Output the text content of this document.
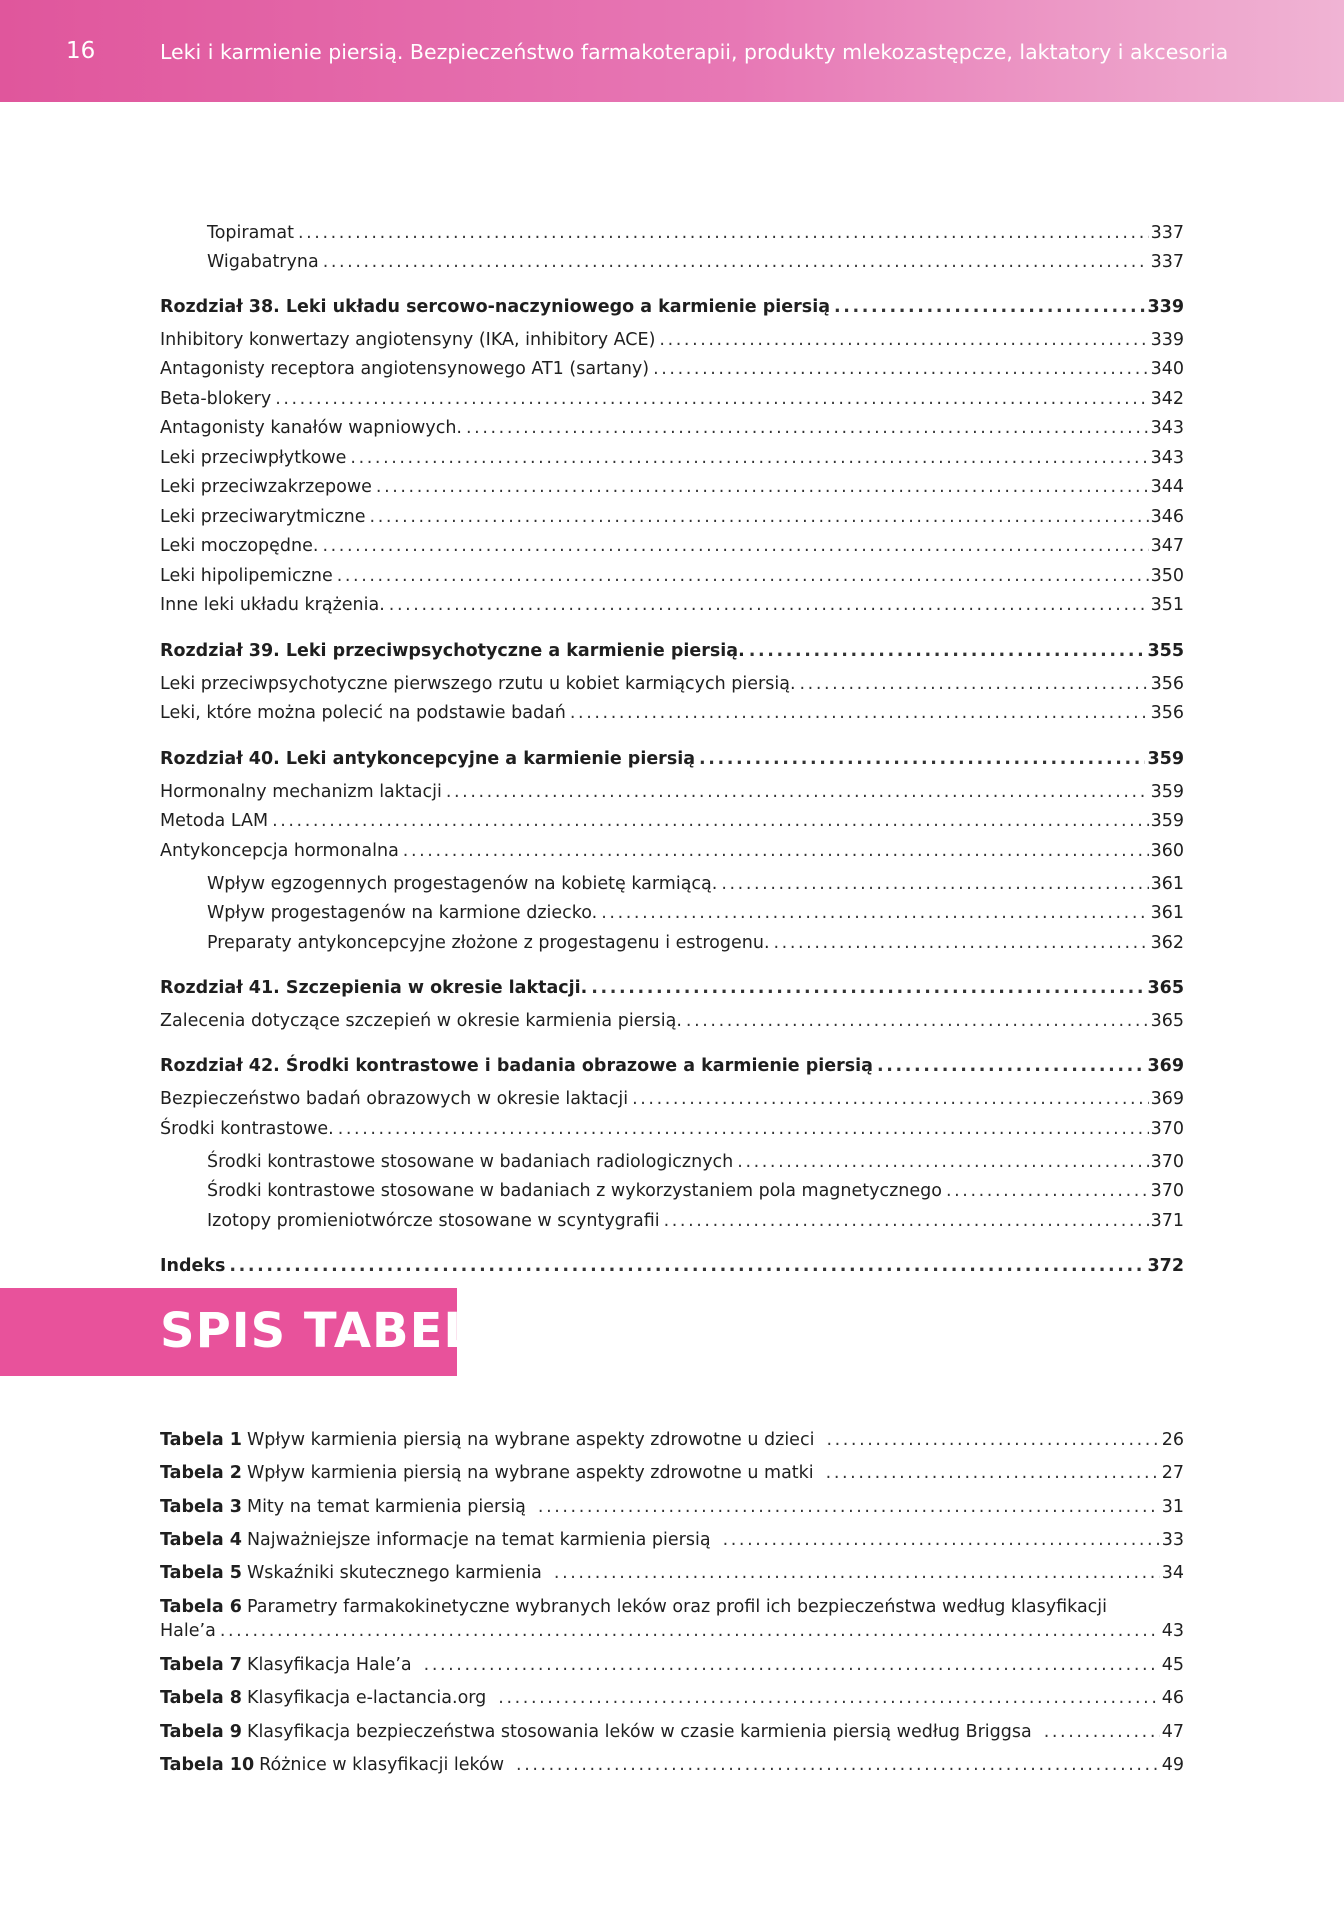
16	Leki i karmienie piersią. Bezpieczeństwo farmakoterapii, produkty mlekozastępcze, laktatory i akcesoria
Topiramat .....	337
Wigabatryna .....	337
Rozdział 38. Leki układu sercowo-naczyniowego a karmienie piersią .....	339
Inhibitory konwertazy angiotensyny (IKA, inhibitory ACE) .....	339
Antagonisty receptora angiotensynowego AT1 (sartany) .....	340
Beta-blokery .....	342
Antagonisty kanałów wapniowych. .....	343
Leki przeciwpłytkowe .....	343
Leki przeciwzakrzepowe .....	344
Leki przeciwarytmiczne .....	346
Leki moczopędne. .....	347
Leki hipolipemiczne .....	350
Inne leki układu krążenia. .....	351
Rozdział 39. Leki przeciwpsychotyczne a karmienie piersią. .....	355
Leki przeciwpsychotyczne pierwszego rzutu u kobiet karmiących piersią. .....	356
Leki, które można polecić na podstawie badań .....	356
Rozdział 40. Leki antykoncepcyjne a karmienie piersią .....	359
Hormonalny mechanizm laktacji .....	359
Metoda LAM .....	359
Antykoncepcja hormonalna .....	360
Wpływ egzogennych progestagenów na kobietę karmiącą. .....	361
Wpływ progestagenów na karmione dziecko. .....	361
Preparaty antykoncepcyjne złożone z progestagenu i estrogenu. .....	362
Rozdział 41. Szczepienia w okresie laktacji. .....	365
Zalecenia dotyczące szczepień w okresie karmienia piersią. .....	365
Rozdział 42. Środki kontrastowe i badania obrazowe a karmienie piersią .....	369
Bezpieczeństwo badań obrazowych w okresie laktacji .....	369
Środki kontrastowe. .....	370
Środki kontrastowe stosowane w badaniach radiologicznych .....	370
Środki kontrastowe stosowane w badaniach z wykorzystaniem pola magnetycznego .....	370
Izotopy promieniotwórcze stosowane w scyntygrafii .....	371
Indeks .....	372
SPIS TABEL
Tabela 1 Wpływ karmienia piersią na wybrane aspekty zdrowotne u dzieci .....	26
Tabela 2 Wpływ karmienia piersią na wybrane aspekty zdrowotne u matki .....	27
Tabela 3 Mity na temat karmienia piersią .....	31
Tabela 4 Najważniejsze informacje na temat karmienia piersią .....	33
Tabela 5 Wskaźniki skutecznego karmienia .....	34
Tabela 6 Parametry farmakokinetyczne wybranych leków oraz profil ich bezpieczeństwa według klasyfikacji
Hale’a .....	43
Tabela 7 Klasyfikacja Hale’a .....	45
Tabela 8 Klasyfikacja e-lactancia.org .....	46
Tabela 9 Klasyfikacja bezpieczeństwa stosowania leków w czasie karmienia piersią według Briggsa .....	47
Tabela 10 Różnice w klasyfikacji leków .....	49
